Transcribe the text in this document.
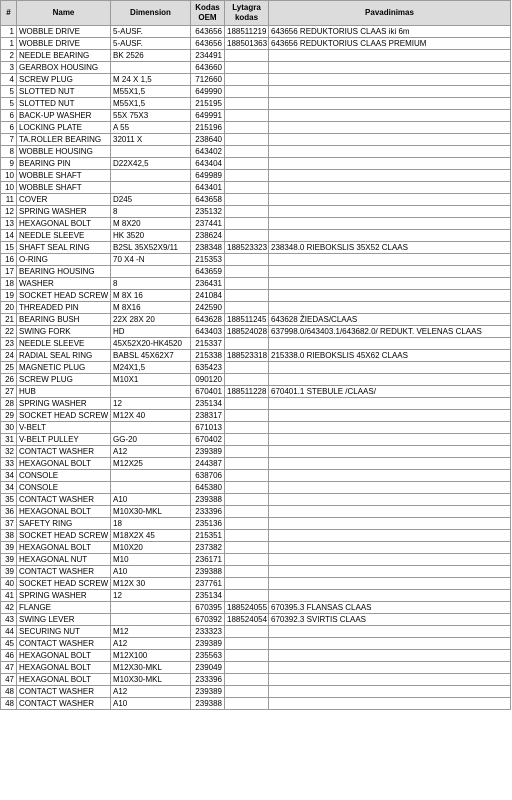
#	Name	Dimension	Kodas OEM	Lytagra kodas	Pavadinimas
1	WOBBLE DRIVE	5-AUSF.	643656	188511219	643656 REDUKTORIUS CLAAS iki 6m
1	WOBBLE DRIVE	5-AUSF.	643656	188501363	643656 REDUKTORIUS CLAAS PREMIUM
2	NEEDLE BEARING	BK 2526	234491		
3	GEARBOX HOUSING		643660		
4	SCREW PLUG	M 24 X 1,5	712660		
5	SLOTTED NUT	M55X1,5	649990		
5	SLOTTED NUT	M55X1,5	215195		
6	BACK-UP WASHER	55X 75X3	649991		
6	LOCKING PLATE	A 55	215196		
7	TA.ROLLER BEARING	32011 X	238640		
8	WOBBLE HOUSING		643402		
9	BEARING PIN	D22X42,5	643404		
10	WOBBLE SHAFT		649989		
10	WOBBLE SHAFT		643401		
11	COVER	D245	643658		
12	SPRING WASHER	8	235132		
13	HEXAGONAL BOLT	M 8X20	237441		
14	NEEDLE SLEEVE	HK 3520	238624		
15	SHAFT SEAL RING	B2SL 35X52X9/11	238348	188523323	238348.0 RIEBOKSLIS 35X52 CLAAS
16	O-RING	70 X4 -N	215353		
17	BEARING HOUSING		643659		
18	WASHER	8	236431		
19	SOCKET HEAD SCREW	M 8X 16	241084		
20	THREADED PIN	M 8X16	242590		
21	BEARING BUSH	22X 28X 20	643628	188511245	643628 ŽIEDAS/CLAAS
22	SWING FORK	HD	643403	188524028	637998.0/643403.1/643682.0/ REDUKT. VELENAS CLAAS
23	NEEDLE SLEEVE	45X52X20-HK4520	215337		
24	RADIAL SEAL RING	BABSL 45X62X7	215338	188523318	215338.0 RIEBOKSLIS 45X62 CLAAS
25	MAGNETIC PLUG	M24X1,5	635423		
26	SCREW PLUG	M10X1	090120		
27	HUB		670401	188511228	670401.1 STEBULE /CLAAS/
28	SPRING WASHER	12	235134		
29	SOCKET HEAD SCREW	M12X 40	238317		
30	V-BELT		671013		
31	V-BELT PULLEY	GG-20	670402		
32	CONTACT WASHER	A12	239389		
33	HEXAGONAL BOLT	M12X25	244387		
34	CONSOLE		638706		
34	CONSOLE		645380		
35	CONTACT WASHER	A10	239388		
36	HEXAGONAL BOLT	M10X30-MKL	233396		
37	SAFETY RING	18	235136		
38	SOCKET HEAD SCREW	M18X2X 45	215351		
39	HEXAGONAL BOLT	M10X20	237382		
39	HEXAGONAL NUT	M10	236171		
39	CONTACT WASHER	A10	239388		
40	SOCKET HEAD SCREW	M12X 30	237761		
41	SPRING WASHER	12	235134		
42	FLANGE		670395	188524055	670395.3 FLANSAS CLAAS
43	SWING LEVER		670392	188524054	670392.3 SVIRTIS CLAAS
44	SECURING NUT	M12	233323		
45	CONTACT WASHER	A12	239389		
46	HEXAGONAL BOLT	M12X100	235563		
47	HEXAGONAL BOLT	M12X30-MKL	239049		
47	HEXAGONAL BOLT	M10X30-MKL	233396		
48	CONTACT WASHER	A12	239389		
48	CONTACT WASHER	A10	239388		
